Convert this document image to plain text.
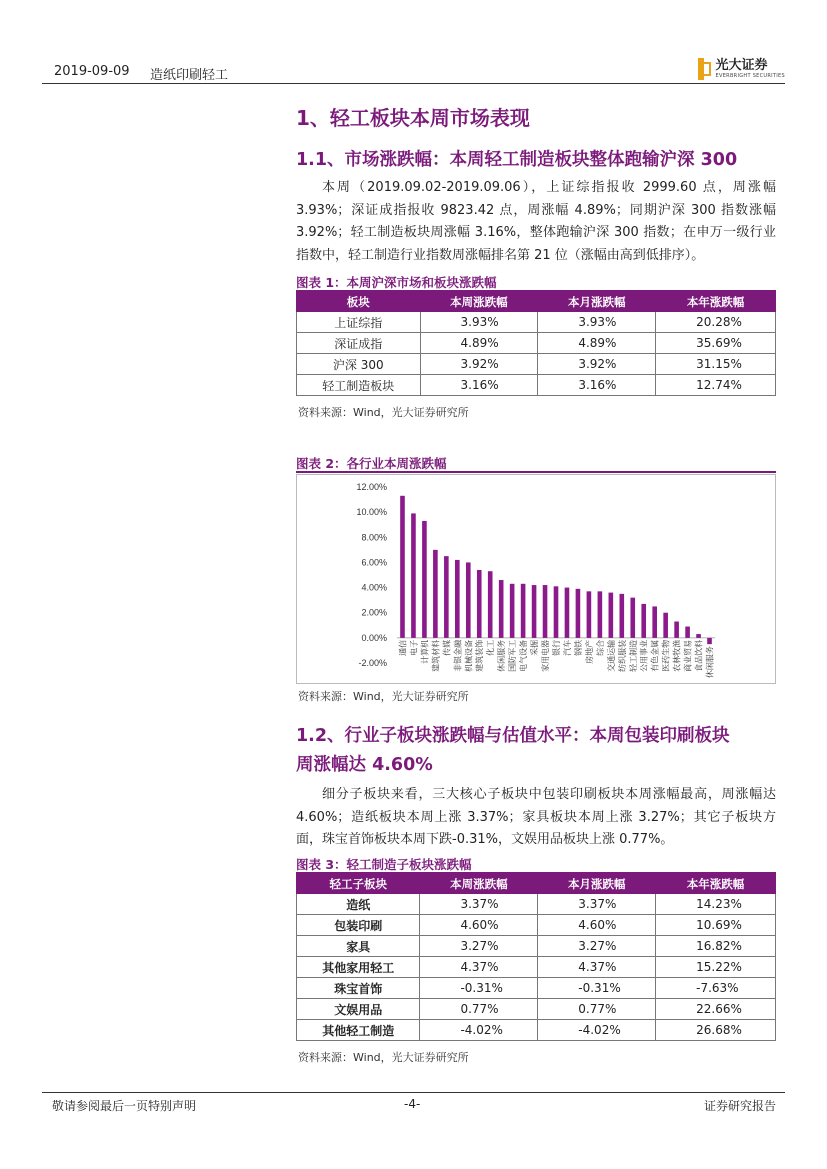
2019-09-09 造纸印刷轻工
光大证券
EVERBRIGHT SECURITIES
1、轻工板块本周市场表现
1.1、市场涨跌幅：本周轻工制造板块整体跑输沪深 300

本周（2019.09.02-2019.09.06），上证综指报收 2999.60 点，周涨幅 3.93%；深证成指报收 9823.42 点，周涨幅 4.89%；同期沪深 300 指数涨幅 3.92%；轻工制造板块周涨幅 3.16%，整体跑输沪深 300 指数；在申万一级行业指数中，轻工制造行业指数周涨幅排名第 21 位（涨幅由高到低排序）。

图表 1：本周沪深市场和板块涨跌幅
板块	本周涨跌幅	本月涨跌幅	本年涨跌幅
上证综指	3.93%	3.93%	20.28%
深证成指	4.89%	4.89%	35.69%
沪深 300	3.92%	3.92%	31.15%
轻工制造板块	3.16%	3.16%	12.74%
资料来源：Wind，光大证券研究所
图表 2：各行业本周涨跌幅
12.00%
10.00%
8.00%
6.00%
4.00%
2.00%
0.00%
-2.00%
通信 电子 计算机 建筑材料 传媒 非银金融 机械设备 建筑装饰 化工 休闲服务 国防军工 电气设备 采掘 家用电器 银行 汽车 钢铁 房地产 综合 交通运输 纺织服装 轻工制造 公用事业 有色金属 医药生物 农林牧渔 商业贸易 食品饮料 休闲服务
资料来源：Wind，光大证券研究所
1.2、行业子板块涨跌幅与估值水平：本周包装印刷板块
周涨幅达 4.60%

细分子板块来看，三大核心子板块中包装印刷板块本周涨幅最高，周涨幅达 4.60%；造纸板块本周上涨 3.37%；家具板块本周上涨 3.27%；其它子板块方面，珠宝首饰板块本周下跌-0.31%，文娱用品板块上涨 0.77%。

图表 3：轻工制造子板块涨跌幅
轻工子板块	本周涨跌幅	本月涨跌幅	本年涨跌幅
造纸	3.37%	3.37%	14.23%
包装印刷	4.60%	4.60%	10.69%
家具	3.27%	3.27%	16.82%
其他家用轻工	4.37%	4.37%	15.22%
珠宝首饰	-0.31%	-0.31%	-7.63%
文娱用品	0.77%	0.77%	22.66%
其他轻工制造	-4.02%	-4.02%	26.68%
资料来源：Wind，光大证券研究所
敬请参阅最后一页特别声明	-4-	证券研究报告
